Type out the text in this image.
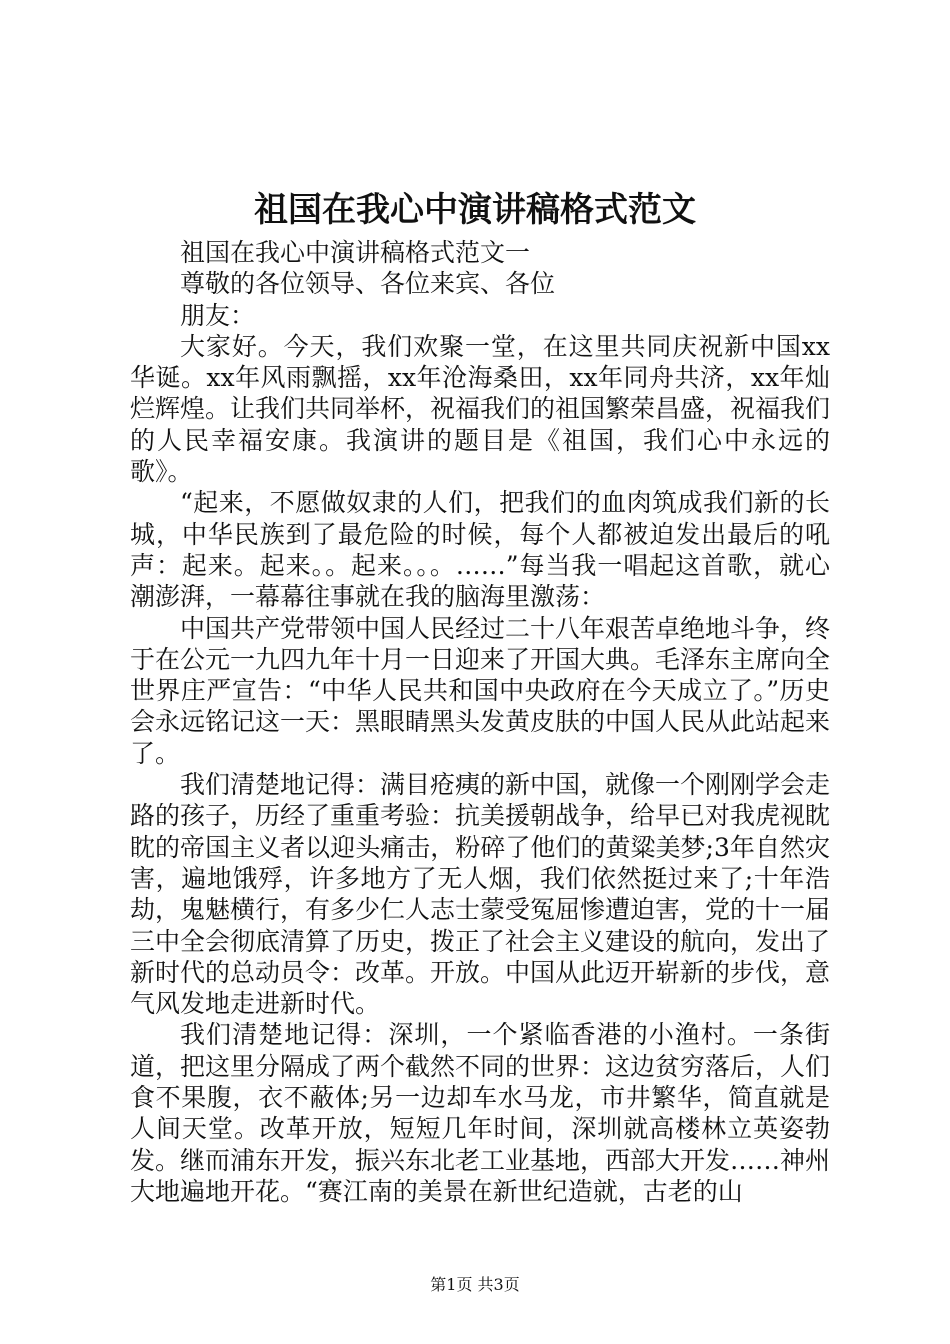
祖国在我心中演讲稿格式范文

祖国在我心中演讲稿格式范文一

尊敬的各位领导、各位来宾、各位

朋友：

大家好。今天，我们欢聚一堂，在这里共同庆祝新中国xx华诞。xx年风雨飘摇，xx年沧海桑田，xx年同舟共济，xx年灿烂辉煌。让我们共同举杯，祝福我们的祖国繁荣昌盛，祝福我们的人民幸福安康。我演讲的题目是《祖国，我们心中永远的歌》。

“起来，不愿做奴隶的人们，把我们的血肉筑成我们新的长城，中华民族到了最危险的时候，每个人都被迫发出最后的吼声：起来。起来。。起来。。。……”每当我一唱起这首歌，就心潮澎湃，一幕幕往事就在我的脑海里激荡：

中国共产党带领中国人民经过二十八年艰苦卓绝地斗争，终于在公元一九四九年十月一日迎来了开国大典。毛泽东主席向全世界庄严宣告：“中华人民共和国中央政府在今天成立了。”历史会永远铭记这一天：黑眼睛黑头发黄皮肤的中国人民从此站起来了。

我们清楚地记得：满目疮痍的新中国，就像一个刚刚学会走路的孩子，历经了重重考验：抗美援朝战争，给早已对我虎视眈眈的帝国主义者以迎头痛击，粉碎了他们的黄粱美梦;3年自然灾害，遍地饿殍，许多地方了无人烟，我们依然挺过来了;十年浩劫，鬼魅横行，有多少仁人志士蒙受冤屈惨遭迫害，党的十一届三中全会彻底清算了历史，拨正了社会主义建设的航向，发出了新时代的总动员令：改革。开放。中国从此迈开崭新的步伐，意气风发地走进新时代。

我们清楚地记得：深圳，一个紧临香港的小渔村。一条街道，把这里分隔成了两个截然不同的世界：这边贫穷落后，人们食不果腹，衣不蔽体;另一边却车水马龙，市井繁华，简直就是人间天堂。改革开放，短短几年时间，深圳就高楼林立英姿勃发。继而浦东开发，振兴东北老工业基地，西部大开发……神州大地遍地开花。“赛江南的美景在新世纪造就，古老的山

第1页 共3页
